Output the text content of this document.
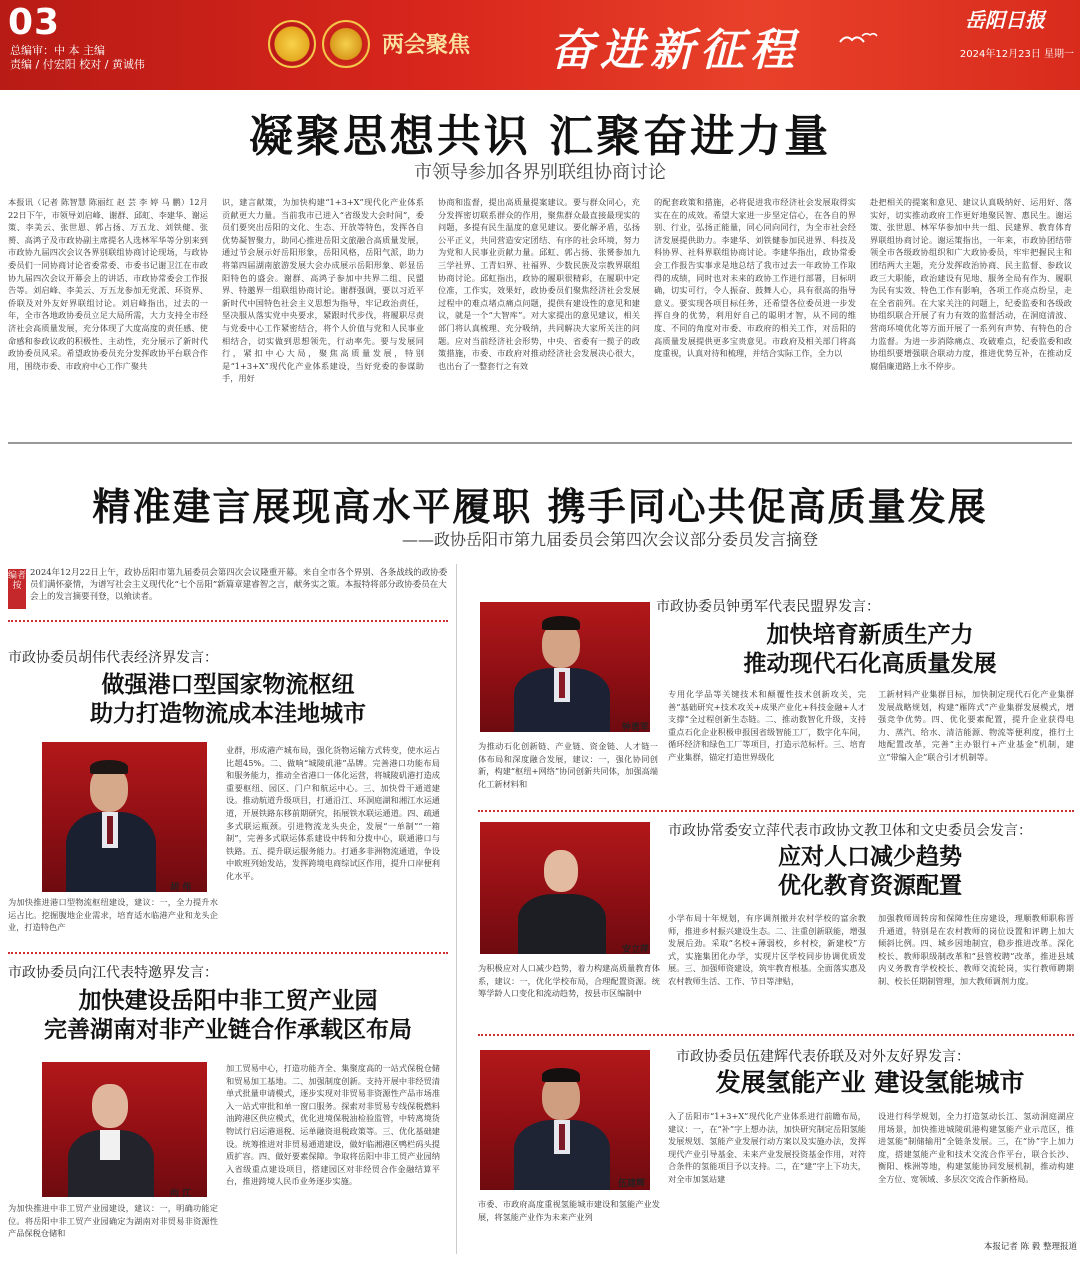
03
总编审：中 本 主编
责编 / 付宏阳 校对 / 黄诚伟
两会聚焦	奋进新征程
岳阳日报
2024年12月23日 星期一
凝聚思想共识 汇聚奋进力量
市领导参加各界别联组协商讨论
本报讯（记者 陈智慧 陈丽红 赵 芸 李 婷 马 鹏）12月22日下午，市领导刘启峰、谢群、邱虹、李建华、谢运策、李美云、张世恩、郭占扬、万五龙、刘铁健、张赟、高鸿子及市政协副主席提名人选林军华等分别来到市政协九届四次会议各界别联组协商讨论现场，与政协委员们一同协商讨论省委常委、市委书记谢卫江在市政协九届四次会议开幕会上的讲话、市政协常委会工作报告等。刘启峰、李美云、万五龙参加无党派、环资界、侨联及对外友好界联组讨论。刘启峰指出，过去的一年，全市各地政协委员立足大局所需，大力支持全市经济社会高质量发展，充分体现了大度高度的责任感、使命感和参政议政的积极性、主动性，充分展示了新时代政协委员风采。希望政协委员充分发挥政协平台联合作用，围绕市委、市政府中心工作广聚共
识，建言献策，为加快构建“1+3+X”现代化产业体系贡献更大力量。当前我市已进入“省级发大会时间”，委员们要突出岳阳的文化、生态、开放等特色，发挥各自优势凝智聚力，助同心推进岳阳文旅融合高质量发展，通过节会展示好岳阳形象，岳阳风格，岳阳气派，助力将第四届湖南旅游发展大会办成展示岳阳形象、彰显岳阳特色的盛会。谢群、高鸿子参加中共界二组、民盟界、特邀界一组联组协商讨论。谢群强调，要以习近平新时代中国特色社会主义思想为指导，牢记政治责任，坚决服从落实党中央要求，紧跟时代步伐，将履职尽责与党委中心工作紧密结合，将个人价值与党和人民事业相结合，切实做到思想领先，行动率先。要与发展同行，紧扣中心大局，聚焦高质量发展，特别是“1+3+X”现代化产业体系建设，当好党委的参谋助手，用好
协商和监督，提出高质量提案建议。要与群众同心，充分发挥密切联系群众的作用，聚焦群众最直接最现实的问题，多提有民生温度的意见建议。要化解矛盾，弘扬公平正义，共同营造安定团结、有序的社会环境，努力为党和人民事业贡献力量。邱虹、郭占扬、张赟参加九三学社界、工青妇界、社福界、少数民族及宗教界联组协商讨论。邱虹指出，政协的履职很精彩，在履职中定位准，工作实，效果好，政协委员们聚焦经济社会发展过程中的难点堵点痛点问题，提供有建设性的意见和建议，就是一个“大智库”。对大家提出的意见建议，相关部门将认真梳理、充分吸纳，共同解决大家所关注的问题。应对当前经济社会形势，中央、省委有一揽子的政策措施，市委、市政府对推动经济社会发展决心很大，也出台了一整套行之有效
的配套政策和措施，必将促进我市经济社会发展取得实实在在的成效。希望大家进一步坚定信心，在各自的界别、行业，弘扬正能量，同心同向同行，为全市社会经济发展提供助力。李建华、刘铁健参加民进界、科技及科协界、社科界联组协商讨论。李建华指出，政协常委会工作报告实事求是地总结了我市过去一年政协工作取得的成绩，同时也对未来的政协工作进行部署，目标明确，切实可行，令人振奋、鼓舞人心，具有很高的指导意义。要实现各项目标任务，还希望各位委员进一步发挥自身的优势，利用好自己的聪明才智，从不同的维度、不同的角度对市委、市政府的相关工作，对岳阳的高质量发展提供更多宝贵意见。市政府及相关部门将高度重视，认真对待和梳理，并结合实际工作，全力以
赴把相关的提案和意见、建议认真吸纳好、运用好、落实好，切实推动政府工作更好地聚民智、惠民生。谢运策、张世恩、林军华参加中共一组、民建界、教育体育界联组协商讨论。谢运策指出，一年来，市政协团结带领全市各级政协组织和广大政协委员，牢牢把握民主和团结两大主题，充分发挥政治协商、民主监督、参政议政三大职能，政治建设有见地、服务全局有作为、履职为民有实效、特色工作有影响，各项工作亮点纷呈，走在全省前列。在大家关注的问题上，纪委监委和各级政协组织联合开展了有力有效的监督活动，在洞庭清波、营商环境优化等方面开展了一系列有声势、有特色的合力监督。为进一步消除痛点、攻破难点，纪委监委和政协组织要增强联合联动力度，推进优势互补，在推动反腐倡廉道路上永不停步。
精准建言展现高水平履职 携手同心共促高质量发展
——政协岳阳市第九届委员会第四次会议部分委员发言摘登
编者按
2024年12月22日上午，政协岳阳市第九届委员会第四次会议隆重开幕。来自全市各个界别、各条战线的政协委员们满怀豪情，为谱写社会主义现代化“七个岳阳”新篇章建睿智之言，献务实之策。本报特将部分政协委员在大会上的发言摘要刊登，以飨读者。
市政协委员胡伟代表经济界发言：
做强港口型国家物流枢纽
助力打造物流成本洼地城市
胡 伟
为加快推进港口型物流枢纽建设，建议：一，全力提升水运占比。挖掘腹地企业需求，培育适水临港产业和龙头企业，打造特色产
业群，形成港产城布局，强化货物运输方式转变，使水运占比超45%。二、做响“城陵矶港”品牌。完善港口功能布局和服务能力，推动全省港口一体化运营，将城陵矶港打造成重要枢纽、园区、门户和航运中心。三、加快骨干通道建设。推动航道升级项目，打通沿江、环洞庭湖和湘江水运通道，开展铁路东移前期研究，拓展铁水联运通道。四、疏通多式联运瓶颈。引进物流龙头央企，发展“一单制”“一箱制”，完善多式联运体系建设中转和分拨中心，联通港口与铁路。五、提升联运服务能力。打通多非洲物流通道，争设中欧班列始发站，发挥跨境电商综试区作用，提升口岸便利化水平。
市政协委员向江代表特邀界发言：
加快建设岳阳中非工贸产业园
完善湖南对非产业链合作承载区布局
向 江
为加快推进中非工贸产业园建设，建议：一，明确功能定位。将岳阳中非工贸产业园确定为湖南对非贸易非资源性产品保税仓储和
加工贸易中心，打造功能齐全、集聚度高的一站式保税仓储和贸易加工基地。二、加强制度创新。支持开展中非经贸清单式批量申请模式，逐步实现对非贸易非资源性产品市场准入一站式审批和单一窗口服务。探索对非贸易专线保税燃料油跨港区供应模式，优化进境保税油检验监管，中转离境货物试行启运港退税、运单融资退税政策等。三、优化基础建设。统筹推进对非贸易通道建设，做好临湘港区鸭栏码头提质扩容。四、做好要素保障。争取将岳阳中非工贸产业园纳入省级重点建设项目，搭建园区对非经贸合作金融结算平台，推进跨境人民币业务逐步实施。
市政协委员钟勇军代表民盟界发言：
加快培育新质生产力
推动现代石化高质量发展
钟勇军
为推动石化创新链、产业链、资金链、人才链一体布局和深度融合发展，建议：一，强化协同创新，构建“枢纽+网络”协同创新共同体，加强高端化工新材料和
专用化学品等关键技术和颠覆性技术创新攻关，完善“基础研究+技术攻关+成果产业化+科技金融+人才支撑”全过程创新生态链。二、推动数智化升级，支持重点石化企业积极申报国省级智能工厂，数字化车间，循环经济和绿色工厂等项目，打造示范标杆。三、培育产业集群，锚定打造世界级化
工新材料产业集群目标，加快制定现代石化产业集群发展战略规划，构建“雁阵式”产业集群发展模式，增强竞争优势。四、优化要素配置，提升企业获得电力、蒸汽、给水、清洁能源、物流等便利度，推行土地配置改革，完善“主办银行+产业基金”机制，建立“带编入企”联合引才机制等。
市政协常委安立萍代表市政协文教卫体和文史委员会发言：
应对人口减少趋势
优化教育资源配置
安立萍
为积极应对人口减少趋势，着力构建高质量教育体系，建议：一，优化学校布局，合理配置资源。统筹学龄人口变化和流动趋势，按县市区编制中
小学布局十年规划，有序调剂撤并农村学校的富余教师，推进乡村振兴建设生态。二、注重创新联能，增强发展后劲。采取“名校+薄弱校，乡村校，新建校”方式，实施集团化办学，实现片区学校同步协调优质发展。三、加强师资建设，筑牢教育根基。全面落实惠及农村教师生活、工作、节日等津贴，
加强教师周转房和保障性住房建设，理顺教师职称晋升通道，特别是在农村教师的岗位设置和评聘上加大倾斜比例。四、城乡因地制宜，稳步推进改革。深化校长、教师职级制改革和“县管校聘”改革，推进县域内义务教育学校校长、教师交流轮岗，实行教师聘期制、校长任期制管理，加大教师调剂力度。
市政协委员伍建辉代表侨联及对外友好界发言：
发展氢能产业 建设氢能城市
伍建辉
市委、市政府高度重视氢能城市建设和氢能产业发展，将氢能产业作为未来产业列
入了岳阳市“1+3+X”现代化产业体系进行前瞻布局，建议：一，在“补”字上想办法，加快研究制定岳阳氢能发展规划、氢能产业发展行动方案以及实施办法，发挥现代产业引导基金、未来产业发展投资基金作用，对符合条件的氢能项目予以支持。二，在“建”字上下功夫，对全市加氢站建
设进行科学规划，全力打造氢动长江、氢动洞庭湖应用场景，加快推进城陵矶港构建氢能产业示范区，推进氢能“制储输用”全链条发展。三，在“协”字上加力度，搭建氢能产业和技术交流合作平台，联合长沙、衡阳、株洲等地，构建氢能协同发展机制，推动构建全方位、宽领域、多层次交流合作新格局。
本报记者 陈 毅 整理报道
